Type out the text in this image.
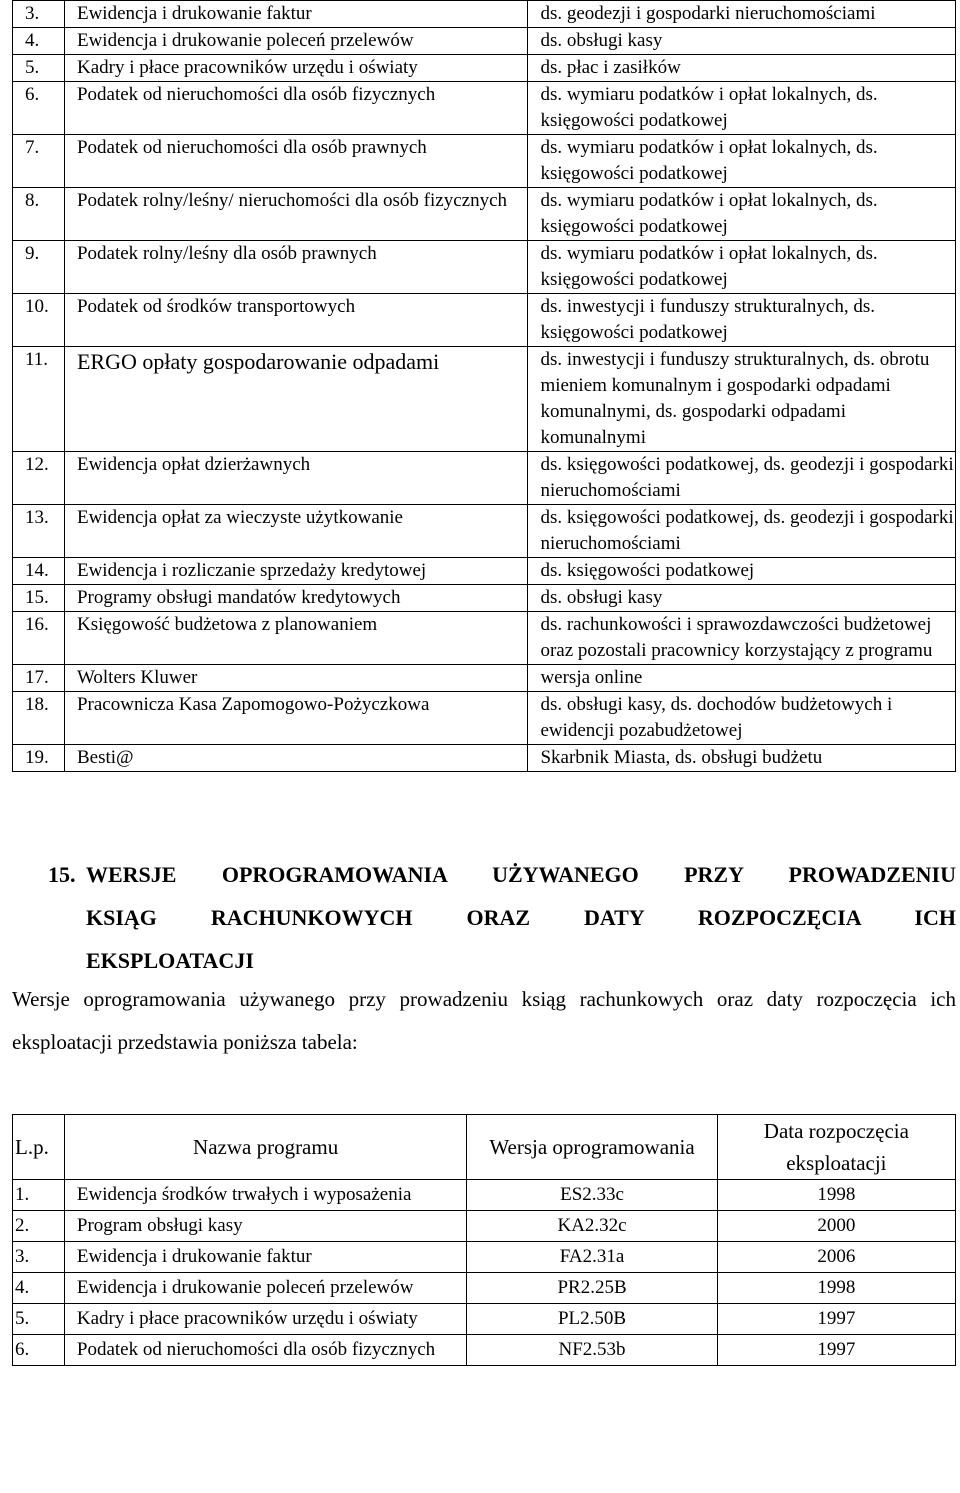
3.	Ewidencja i drukowanie faktur	ds. geodezji i gospodarki nieruchomościami
4.	Ewidencja i drukowanie poleceń przelewów	ds. obsługi kasy
5.	Kadry i płace pracowników urzędu i oświaty	ds. płac i zasiłków
6.	Podatek od nieruchomości dla osób fizycznych	ds. wymiaru podatków i opłat lokalnych, ds. księgowości podatkowej
7.	Podatek od nieruchomości dla osób prawnych	ds. wymiaru podatków i opłat lokalnych, ds. księgowości podatkowej
8.	Podatek rolny/leśny/ nieruchomości dla osób fizycznych	ds. wymiaru podatków i opłat lokalnych, ds. księgowości podatkowej
9.	Podatek rolny/leśny dla osób prawnych	ds. wymiaru podatków i opłat lokalnych, ds. księgowości podatkowej
10.	Podatek od środków transportowych	ds. inwestycji i funduszy strukturalnych, ds. księgowości podatkowej
11.	ERGO opłaty gospodarowanie odpadami	ds. inwestycji i funduszy strukturalnych, ds. obrotu mieniem komunalnym i gospodarki odpadami komunalnymi, ds. gospodarki odpadami komunalnymi
12.	Ewidencja opłat dzierżawnych	ds. księgowości podatkowej, ds. geodezji i gospodarki nieruchomościami
13.	Ewidencja opłat za wieczyste użytkowanie	ds. księgowości podatkowej, ds. geodezji i gospodarki nieruchomościami
14.	Ewidencja i rozliczanie sprzedaży kredytowej	ds. księgowości podatkowej
15.	Programy obsługi mandatów kredytowych	ds. obsługi kasy
16.	Księgowość budżetowa z planowaniem	ds. rachunkowości i sprawozdawczości budżetowej oraz pozostali pracownicy korzystający z programu
17.	Wolters Kluwer	wersja online
18.	Pracownicza Kasa Zapomogowo-Pożyczkowa	ds. obsługi kasy, ds. dochodów budżetowych i ewidencji pozabudżetowej
19.	Besti@	Skarbnik Miasta, ds. obsługi budżetu
15. WERSJE OPROGRAMOWANIA UŻYWANEGO PRZY PROWADZENIU
KSIĄG RACHUNKOWYCH ORAZ DATY ROZPOCZĘCIA ICH
EKSPLOATACJI
Wersje oprogramowania używanego przy prowadzeniu ksiąg rachunkowych oraz daty rozpoczęcia ich eksploatacji przedstawia poniższa tabela:
L.p.	Nazwa programu	Wersja oprogramowania	Data rozpoczęcia eksploatacji
1.	Ewidencja środków trwałych i wyposażenia	ES2.33c	1998
2.	Program obsługi kasy	KA2.32c	2000
3.	Ewidencja i drukowanie faktur	FA2.31a	2006
4.	Ewidencja i drukowanie poleceń przelewów	PR2.25B	1998
5.	Kadry i płace pracowników urzędu i oświaty	PL2.50B	1997
6.	Podatek od nieruchomości dla osób fizycznych	NF2.53b	1997
